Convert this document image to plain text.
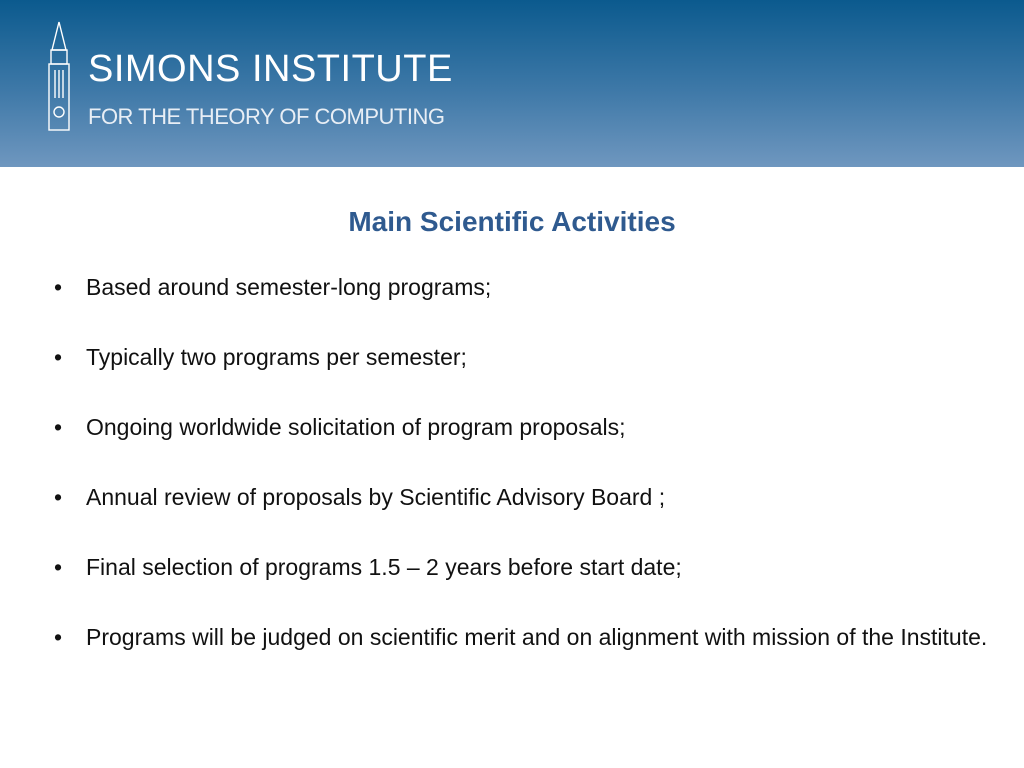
SIMONS INSTITUTE
FOR THE THEORY OF COMPUTING
Main Scientific Activities
• Based around semester-long programs;
• Typically two programs per semester;
• Ongoing worldwide solicitation of program proposals;
• Annual review of proposals by Scientific Advisory Board ;
• Final selection of programs 1.5 – 2 years before start date;
• Programs will be judged on scientific merit and on alignment with mission of the Institute.
